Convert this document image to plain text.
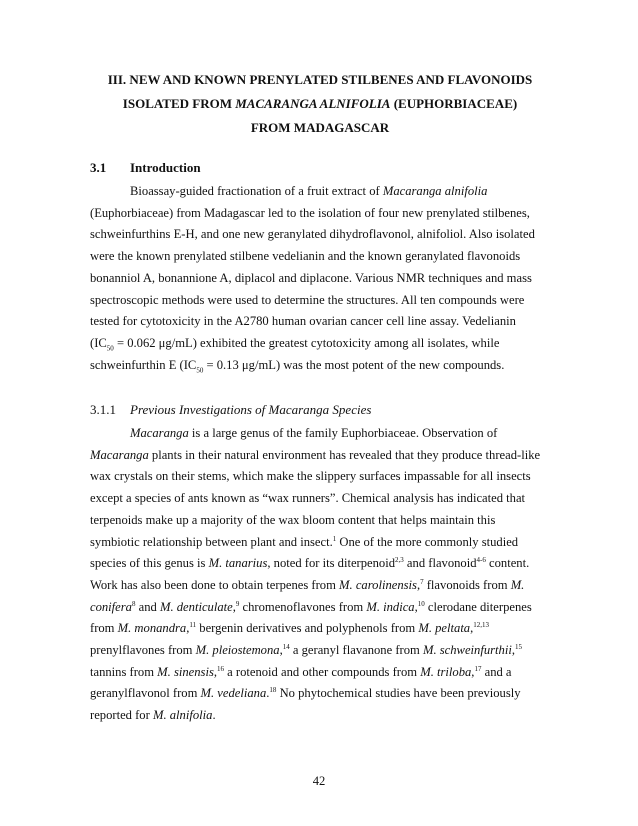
III. NEW AND KNOWN PRENYLATED STILBENES AND FLAVONOIDS
ISOLATED FROM MACARANGA ALNIFOLIA (EUPHORBIACEAE)
FROM MADAGASCAR
3.1 Introduction
Bioassay-guided fractionation of a fruit extract of Macaranga alnifolia
(Euphorbiaceae) from Madagascar led to the isolation of four new prenylated stilbenes,
schweinfurthins E-H, and one new geranylated dihydroflavonol, alnifoliol. Also isolated
were the known prenylated stilbene vedelianin and the known geranylated flavonoids
bonanniol A, bonannione A, diplacol and diplacone. Various NMR techniques and mass
spectroscopic methods were used to determine the structures. All ten compounds were
tested for cytotoxicity in the A2780 human ovarian cancer cell line assay. Vedelianin
($IC_{50} = 0.062$ μg/mL) exhibited the greatest cytotoxicity among all isolates, while
schweinfurthin E ($IC_{50} = 0.13$ μg/mL) was the most potent of the new compounds.
3.1.1 Previous Investigations of Macaranga Species
Macaranga is a large genus of the family Euphorbiaceae. Observation of
Macaranga plants in their natural environment has revealed that they produce thread-like
wax crystals on their stems, which make the slippery surfaces impassable for all insects
except a species of ants known as “wax runners”. Chemical analysis has indicated that
terpenoids make up a majority of the wax bloom content that helps maintain this
symbiotic relationship between plant and insect.$^1$ One of the more commonly studied
species of this genus is M. tanarius, noted for its diterpenoid$^{2,3}$ and flavonoid$^{4-6}$ content.
Work has also been done to obtain terpenes from M. carolinensis,$^7$ flavonoids from M.
conifera$^8$ and M. denticulate,$^9$ chromenoflavones from M. indica,$^{10}$ clerodane diterpenes
from M. monandra,$^{11}$ bergenin derivatives and polyphenols from M. peltata,$^{12,13}$
prenylflavones from M. pleiostemona,$^{14}$ a geranyl flavanone from M. schweinfurthii,$^{15}$
tannins from M. sinensis,$^{16}$ a rotenoid and other compounds from M. triloba,$^{17}$ and a
geranylflavonol from M. vedeliana.$^{18}$ No phytochemical studies have been previously
reported for M. alnifolia.
42
